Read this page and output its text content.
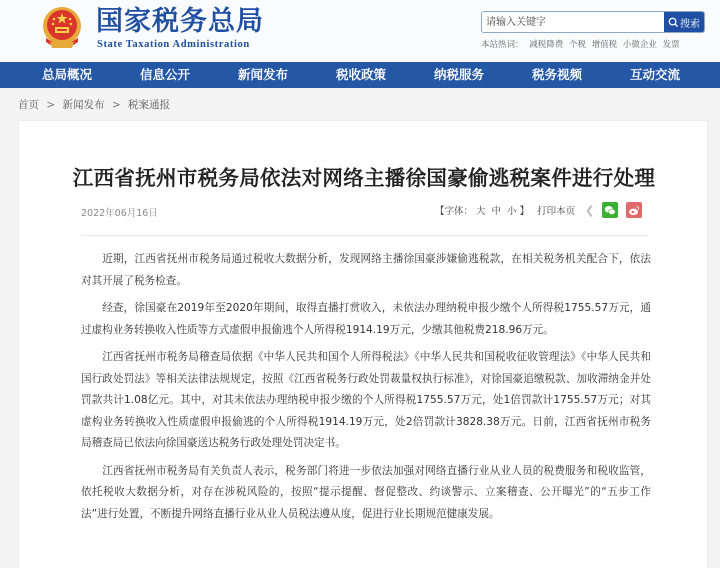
国家税务总局
State Taxation Administration
请输入关键字
搜索
本站热词： 减税降费 个税 增值税 小微企业 发票
总局概况	信息公开	新闻发布	税收政策	纳税服务	税务视频	互动交流
首页 > 新闻发布 > 税案通报
江西省抚州市税务局依法对网络主播徐国豪偷逃税案件进行处理
2022年06月16日	【字体： 大 中 小 】 打印本页 ❮

近期，江西省抚州市税务局通过税收大数据分析，发现网络主播徐国豪涉嫌偷逃税款，在相关税务机关配合下，依法对其开展了税务检查。

经查，徐国豪在2019年至2020年期间，取得直播打赏收入，未依法办理纳税申报少缴个人所得税1755.57万元，通过虚构业务转换收入性质等方式虚假申报偷逃个人所得税1914.19万元，少缴其他税费218.96万元。

江西省抚州市税务局稽查局依据《中华人民共和国个人所得税法》《中华人民共和国税收征收管理法》《中华人民共和国行政处罚法》等相关法律法规规定，按照《江西省税务行政处罚裁量权执行标准》，对徐国豪追缴税款、加收滞纳金并处罚款共计1.08亿元。其中，对其未依法办理纳税申报少缴的个人所得税1755.57万元，处1倍罚款计1755.57万元；对其虚构业务转换收入性质虚假申报偷逃的个人所得税1914.19万元，处2倍罚款计3828.38万元。日前，江西省抚州市税务局稽查局已依法向徐国豪送达税务行政处理处罚决定书。

江西省抚州市税务局有关负责人表示，税务部门将进一步依法加强对网络直播行业从业人员的税费服务和税收监管，依托税收大数据分析，对存在涉税风险的，按照“提示提醒、督促整改、约谈警示、立案稽查、公开曝光”的“五步工作法”进行处置，不断提升网络直播行业从业人员税法遵从度，促进行业长期规范健康发展。
